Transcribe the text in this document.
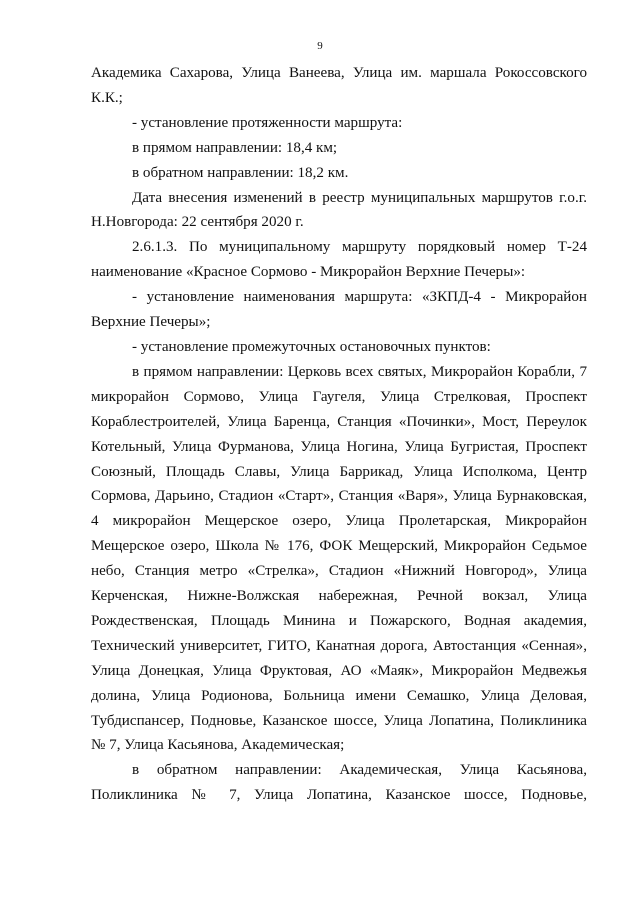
9

Академика Сахарова, Улица Ванеева, Улица им. маршала Рокоссовского К.К.;

- установление протяженности маршрута:

в прямом направлении: 18,4 км;

в обратном направлении: 18,2 км.

Дата внесения изменений в реестр муниципальных маршрутов г.о.г. Н.Новгорода: 22 сентября 2020 г.

2.6.1.3. По муниципальному маршруту порядковый номер Т-24 наименование «Красное Сормово - Микрорайон Верхние Печеры»:

- установление наименования маршрута: «ЗКПД-4 - Микрорайон Верхние Печеры»;

- установление промежуточных остановочных пунктов:

в прямом направлении: Церковь всех святых, Микрорайон Корабли, 7 микрорайон Сормово, Улица Гаугеля, Улица Стрелковая, Проспект Кораблестроителей, Улица Баренца, Станция «Починки», Мост, Переулок Котельный, Улица Фурманова, Улица Ногина, Улица Бугристая, Проспект Союзный, Площадь Славы, Улица Баррикад, Улица Исполкома, Центр Сормова, Дарьино, Стадион «Старт», Станция «Варя», Улица Бурнаковская, 4 микрорайон Мещерское озеро, Улица Пролетарская, Микрорайон Мещерское озеро, Школа № 176, ФОК Мещерский, Микрорайон Седьмое небо, Станция метро «Стрелка», Стадион «Нижний Новгород», Улица Керченская, Нижне-Волжская набережная, Речной вокзал, Улица Рождественская, Площадь Минина и Пожарского, Водная академия, Технический университет, ГИТО, Канатная дорога, Автостанция «Сенная», Улица Донецкая, Улица Фруктовая, АО «Маяк», Микрорайон Медвежья долина, Улица Родионова, Больница имени Семашко, Улица Деловая, Тубдиспансер, Подновье, Казанское шоссе, Улица Лопатина, Поликлиника № 7, Улица Касьянова, Академическая;

в обратном направлении: Академическая, Улица Касьянова, Поликлиника № 7, Улица Лопатина, Казанское шоссе, Подновье,
